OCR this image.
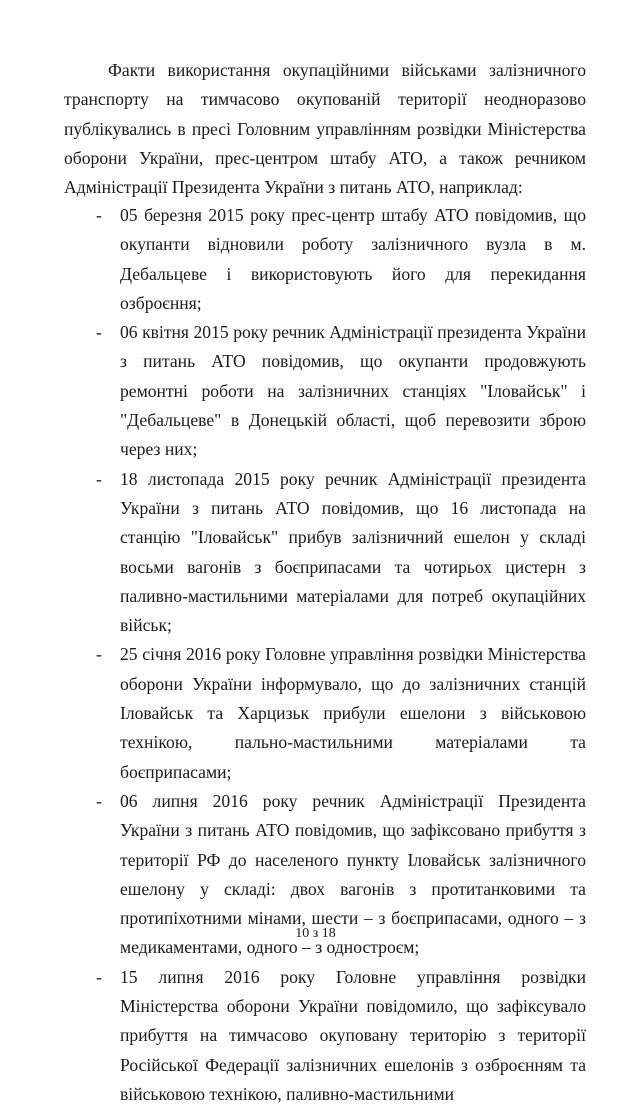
Факти використання окупаційними військами залізничного транспорту на тимчасово окупованій території неодноразово публікувались в пресі Головним управлінням розвідки Міністерства оборони України, прес-центром штабу АТО, а також речником Адміністрації Президента України з питань АТО, наприклад:

- 05 березня 2015 року прес-центр штабу АТО повідомив, що окупанти відновили роботу залізничного вузла в м. Дебальцеве і використовують його для перекидання озброєння;

- 06 квітня 2015 року речник Адміністрації президента України з питань АТО повідомив, що окупанти продовжують ремонтні роботи на залізничних станціях "Іловайськ" і "Дебальцеве" в Донецькій області, щоб перевозити зброю через них;

- 18 листопада 2015 року речник Адміністрації президента України з питань АТО повідомив, що 16 листопада на станцію "Іловайськ" прибув залізничний ешелон у складі восьми вагонів з боєприпасами та чотирьох цистерн з паливно-мастильними матеріалами для потреб окупаційних військ;

- 25 січня 2016 року Головне управління розвідки Міністерства оборони України інформувало, що до залізничних станцій Іловайськ та Харцизьк прибули ешелони з військовою технікою, пально-мастильними матеріалами та боєприпасами;

- 06 липня 2016 року речник Адміністрації Президента України з питань АТО повідомив, що зафіксовано прибуття з території РФ до населеного пункту Іловайськ залізничного ешелону у складі: двох вагонів з протитанковими та протипіхотними мінами, шести – з боєприпасами, одного – з медикаментами, одного – з одностроєм;

- 15 липня 2016 року Головне управління розвідки Міністерства оборони України повідомило, що зафіксувало прибуття на тимчасово окуповану територію з території Російської Федерації залізничних ешелонів з озброєнням та військовою технікою, паливно-мастильними

10 з 18
